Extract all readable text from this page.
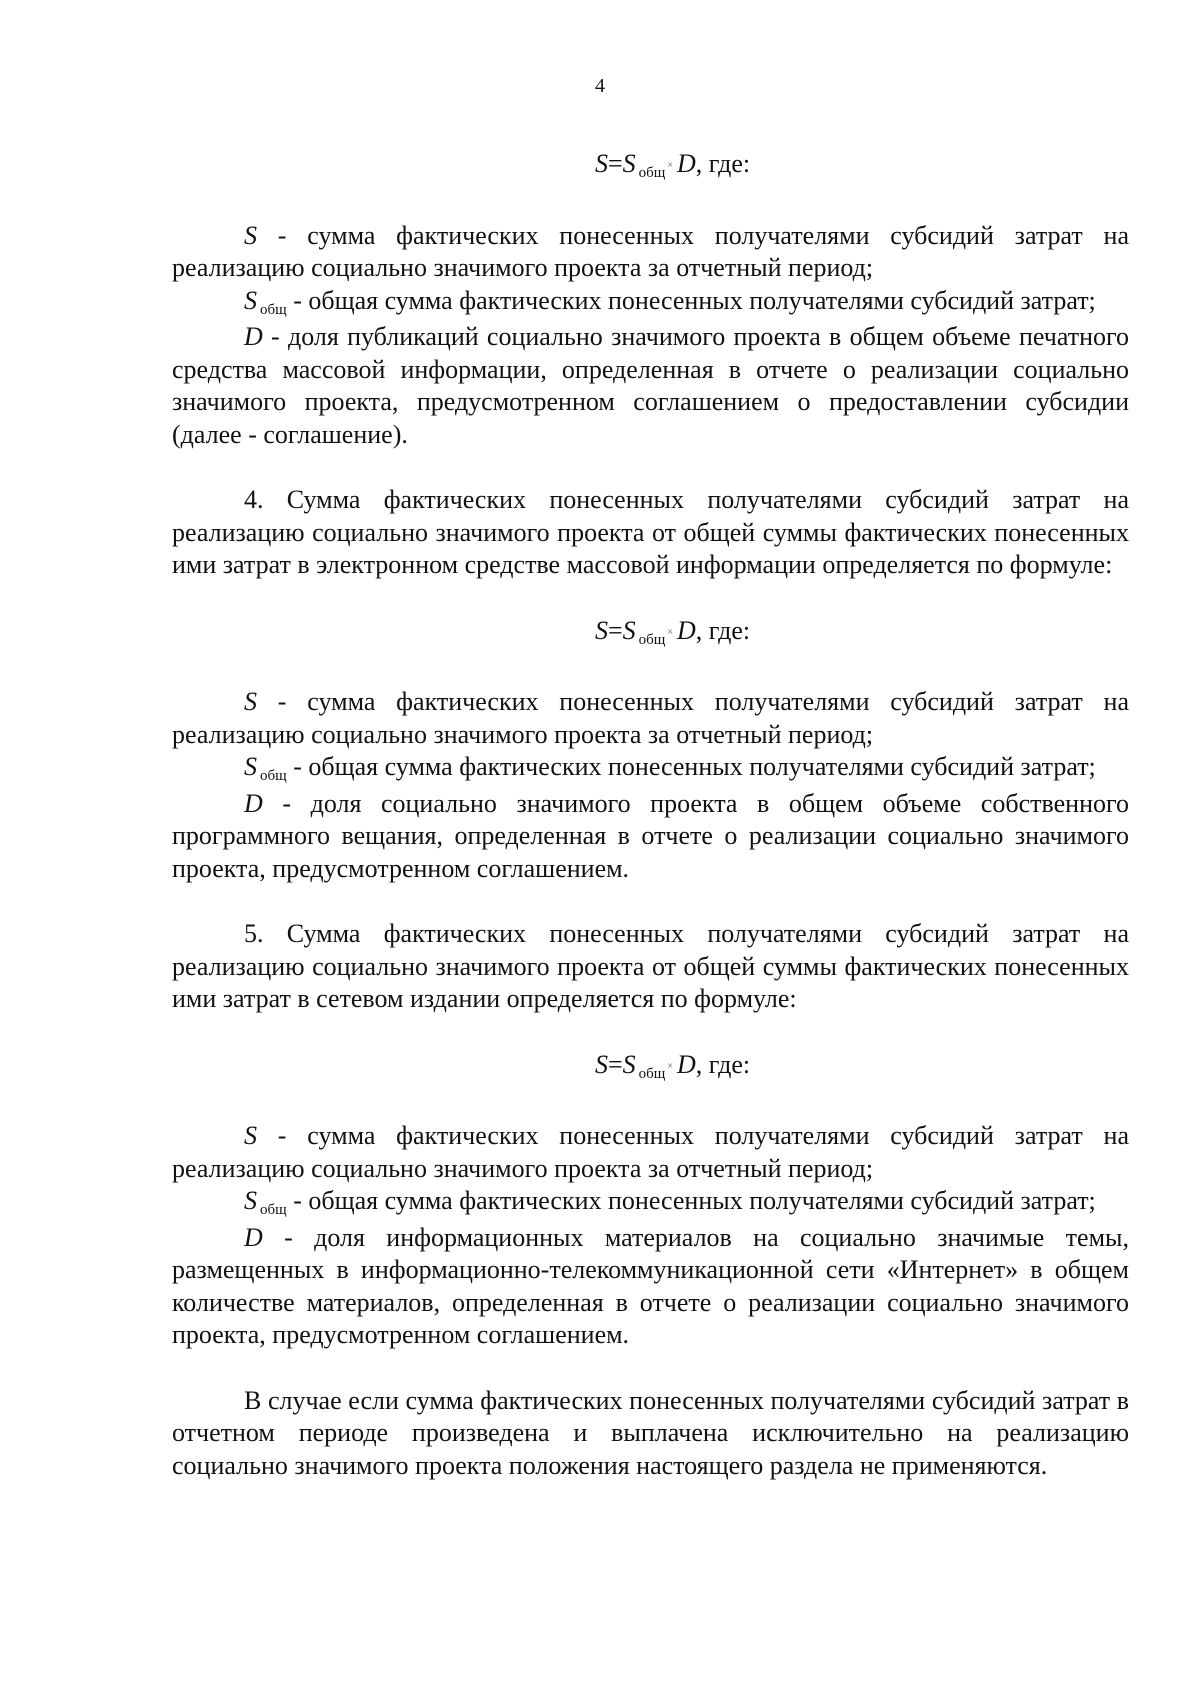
4
S=S общ × D, где:

S - сумма фактических понесенных получателями субсидий затрат на реализацию социально значимого проекта за отчетный период;

Sобщ - общая сумма фактических понесенных получателями субсидий затрат;

D - доля публикаций социально значимого проекта в общем объеме печатного средства массовой информации, определенная в отчете о реализации социально значимого проекта, предусмотренном соглашением о предоставлении субсидии (далее - соглашение).

4. Сумма фактических понесенных получателями субсидий затрат на реализацию социально значимого проекта от общей суммы фактических понесенных ими затрат в электронном средстве массовой информации определяется по формуле:

S=S общ × D, где:

S - сумма фактических понесенных получателями субсидий затрат на реализацию социально значимого проекта за отчетный период;

Sобщ - общая сумма фактических понесенных получателями субсидий затрат;

D - доля социально значимого проекта в общем объеме собственного программного вещания, определенная в отчете о реализации социально значимого проекта, предусмотренном соглашением.

5. Сумма фактических понесенных получателями субсидий затрат на реализацию социально значимого проекта от общей суммы фактических понесенных ими затрат в сетевом издании определяется по формуле:

S=S общ × D, где:

S - сумма фактических понесенных получателями субсидий затрат на реализацию социально значимого проекта за отчетный период;

Sобщ - общая сумма фактических понесенных получателями субсидий затрат;

D - доля информационных материалов на социально значимые темы, размещенных в информационно-телекоммуникационной сети «Интернет» в общем количестве материалов, определенная в отчете о реализации социально значимого проекта, предусмотренном соглашением.

В случае если сумма фактических понесенных получателями субсидий затрат в отчетном периоде произведена и выплачена исключительно на реализацию социально значимого проекта положения настоящего раздела не применяются.
